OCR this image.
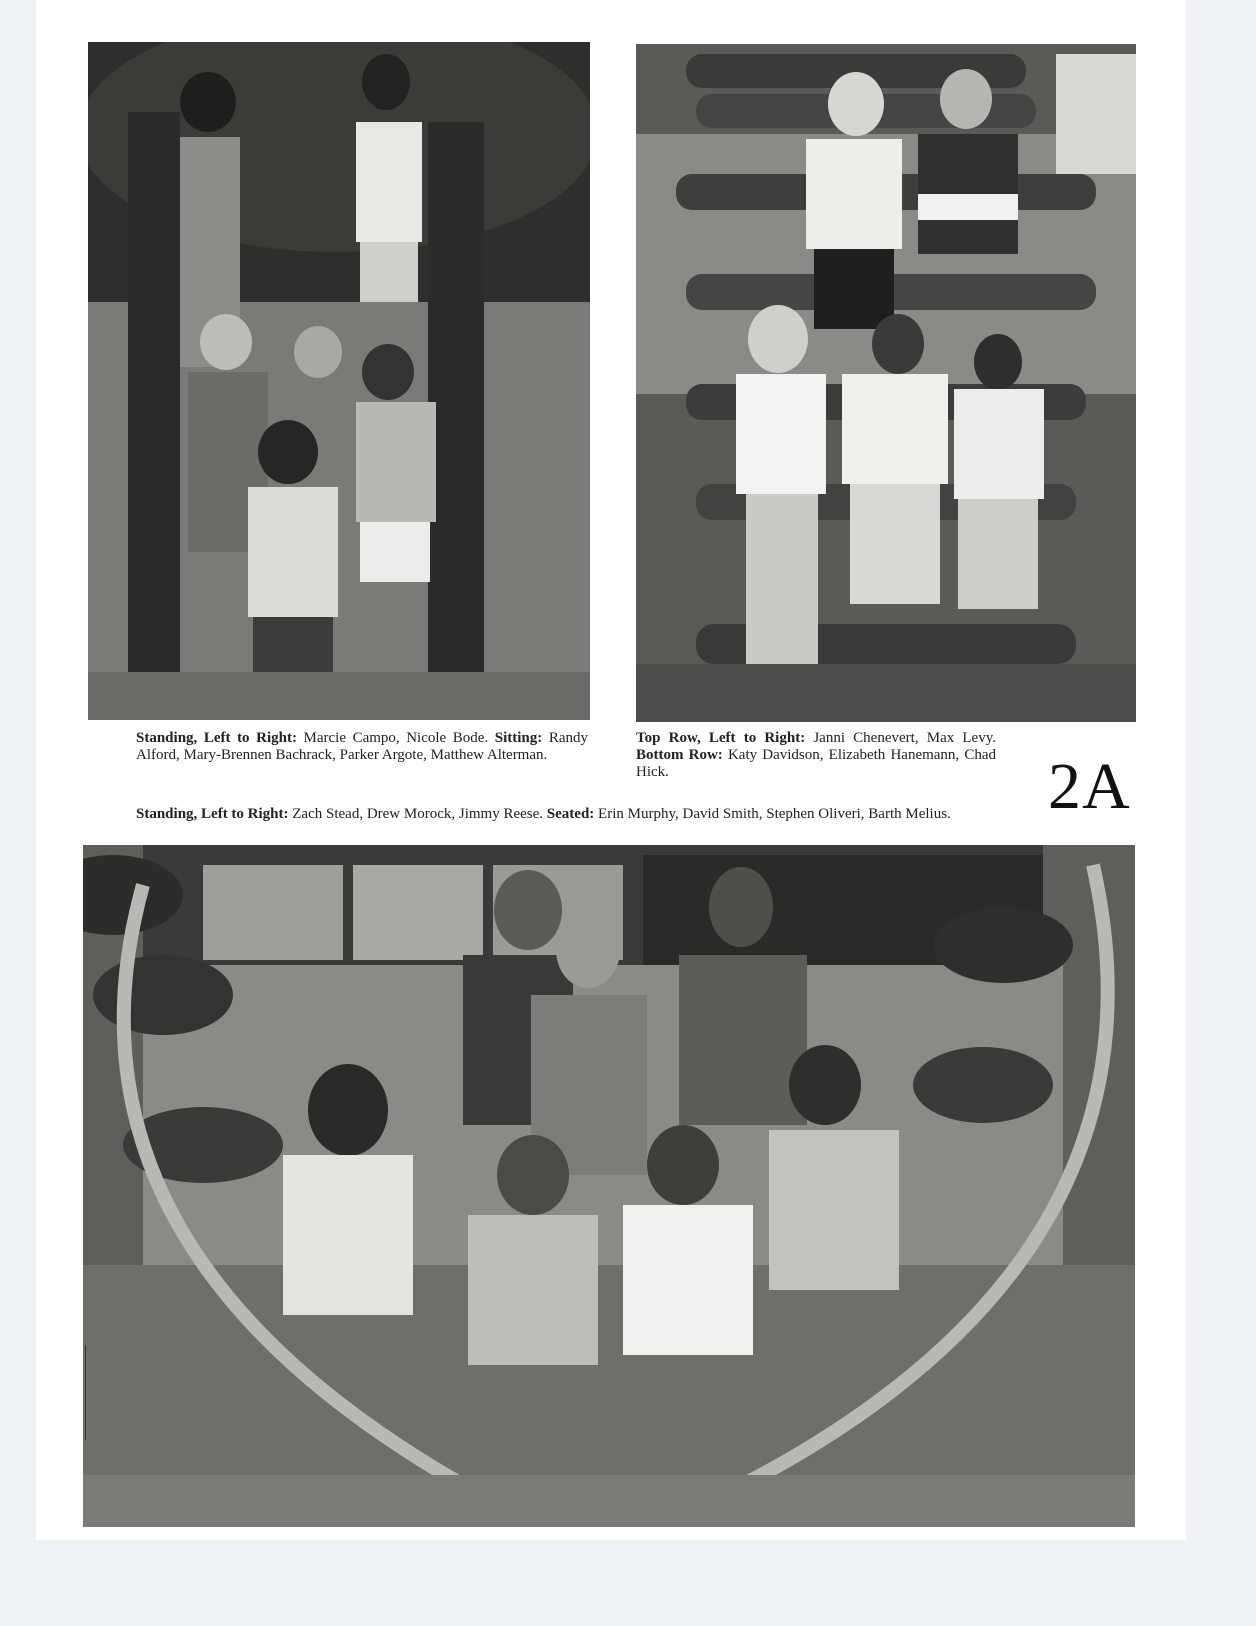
Standing, Left to Right: Marcie Campo, Nicole Bode. Sitting: Randy Alford, Mary-Brennen Bachrack, Parker Argote, Matthew Alterman.
Top Row, Left to Right: Janni Chenevert, Max Levy. Bottom Row: Katy Davidson, Elizabeth Hanemann, Chad Hick.
Standing, Left to Right: Zach Stead, Drew Morock, Jimmy Reese. Seated: Erin Murphy, David Smith, Stephen Oliveri, Barth Melius.	2A
